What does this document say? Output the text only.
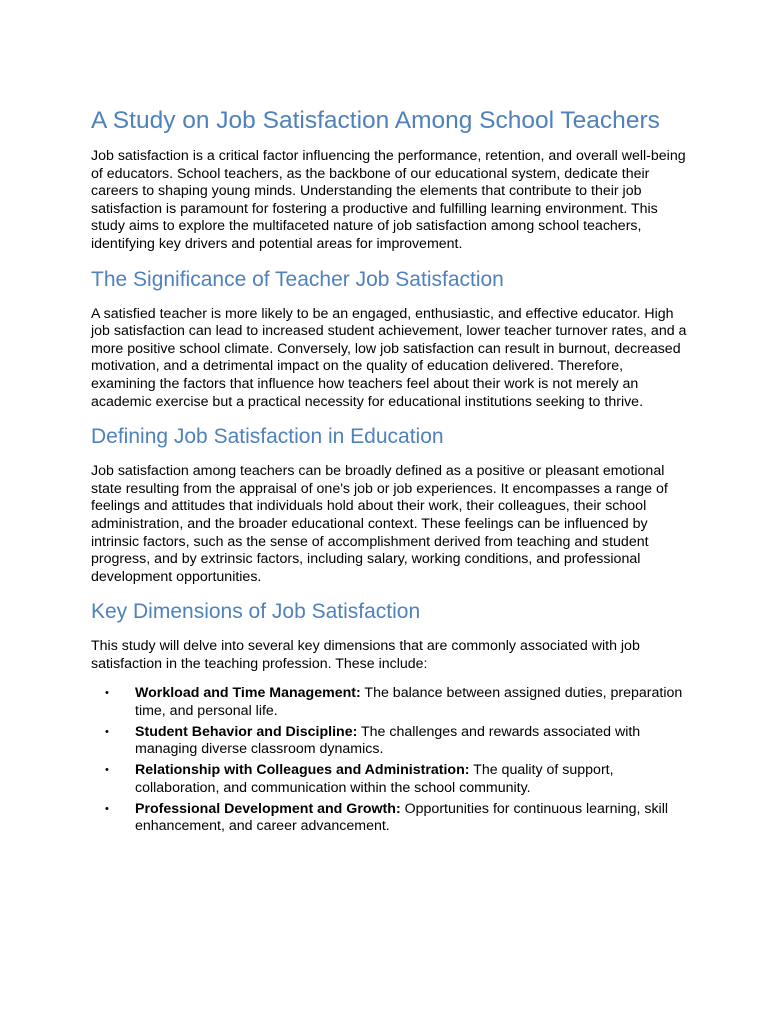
A Study on Job Satisfaction Among School Teachers

Job satisfaction is a critical factor influencing the performance, retention, and overall well-being of educators. School teachers, as the backbone of our educational system, dedicate their careers to shaping young minds. Understanding the elements that contribute to their job satisfaction is paramount for fostering a productive and fulfilling learning environment. This study aims to explore the multifaceted nature of job satisfaction among school teachers, identifying key drivers and potential areas for improvement.

The Significance of Teacher Job Satisfaction

A satisfied teacher is more likely to be an engaged, enthusiastic, and effective educator. High job satisfaction can lead to increased student achievement, lower teacher turnover rates, and a more positive school climate. Conversely, low job satisfaction can result in burnout, decreased motivation, and a detrimental impact on the quality of education delivered. Therefore, examining the factors that influence how teachers feel about their work is not merely an academic exercise but a practical necessity for educational institutions seeking to thrive.

Defining Job Satisfaction in Education

Job satisfaction among teachers can be broadly defined as a positive or pleasant emotional state resulting from the appraisal of one's job or job experiences. It encompasses a range of feelings and attitudes that individuals hold about their work, their colleagues, their school administration, and the broader educational context. These feelings can be influenced by intrinsic factors, such as the sense of accomplishment derived from teaching and student progress, and by extrinsic factors, including salary, working conditions, and professional development opportunities.

Key Dimensions of Job Satisfaction

This study will delve into several key dimensions that are commonly associated with job satisfaction in the teaching profession. These include:

• Workload and Time Management: The balance between assigned duties, preparation time, and personal life.
• Student Behavior and Discipline: The challenges and rewards associated with managing diverse classroom dynamics.
• Relationship with Colleagues and Administration: The quality of support, collaboration, and communication within the school community.
• Professional Development and Growth: Opportunities for continuous learning, skill enhancement, and career advancement.
